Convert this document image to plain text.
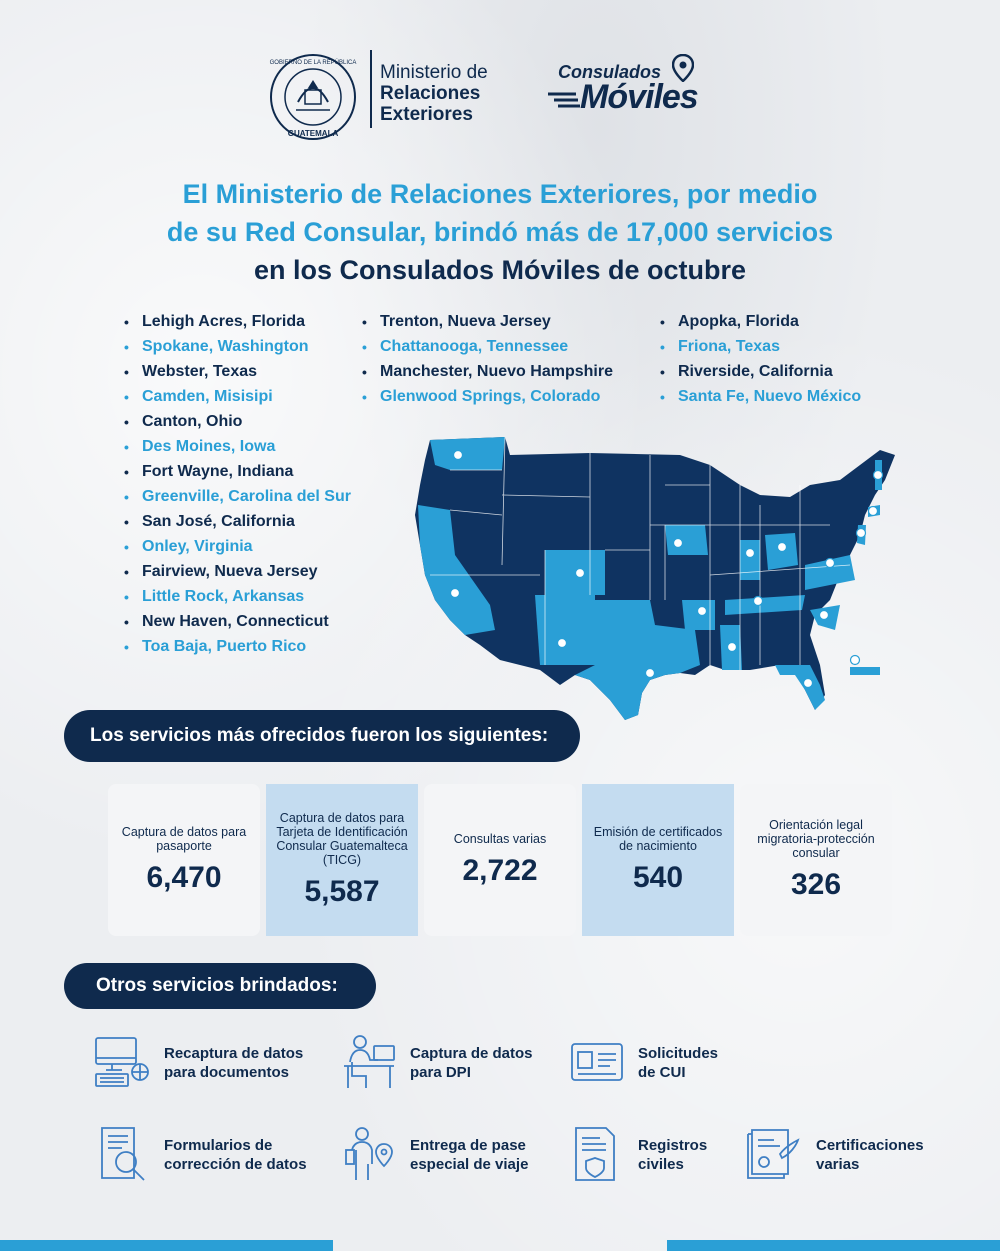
GOBIERNO DE LA REPÚBLICA
GUATEMALA
Ministerio de
Relaciones
Exteriores
Consulados
Móviles
El Ministerio de Relaciones Exteriores, por medio
de su Red Consular, brindó más de 17,000 servicios
en los Consulados Móviles de octubre
• Lehigh Acres, Florida
• Spokane, Washington
• Webster, Texas
• Camden, Misisipi
• Canton, Ohio
• Des Moines, Iowa
• Fort Wayne, Indiana
• Greenville, Carolina del Sur
• San José, California
• Onley, Virginia
• Fairview, Nueva Jersey
• Little Rock, Arkansas
• New Haven, Connecticut
• Toa Baja, Puerto Rico
• Trenton, Nueva Jersey
• Chattanooga, Tennessee
• Manchester, Nuevo Hampshire
• Glenwood Springs, Colorado
• Apopka, Florida
• Friona, Texas
• Riverside, California
• Santa Fe, Nuevo México
Los servicios más ofrecidos fueron los siguientes:
Captura de datos para pasaporte
6,470
Captura de datos para Tarjeta de Identificación Consular Guatemalteca (TICG)
5,587
Consultas varias
2,722
Emisión de certificados de nacimiento
540
Orientación legal migratoria-protección consular
326
Otros servicios brindados:
Recaptura de datos
para documentos
Captura de datos
para DPI
Solicitudes
de CUI
Formularios de
corrección de datos
Entrega de pase
especial de viaje
Registros
civiles
Certificaciones
varias
